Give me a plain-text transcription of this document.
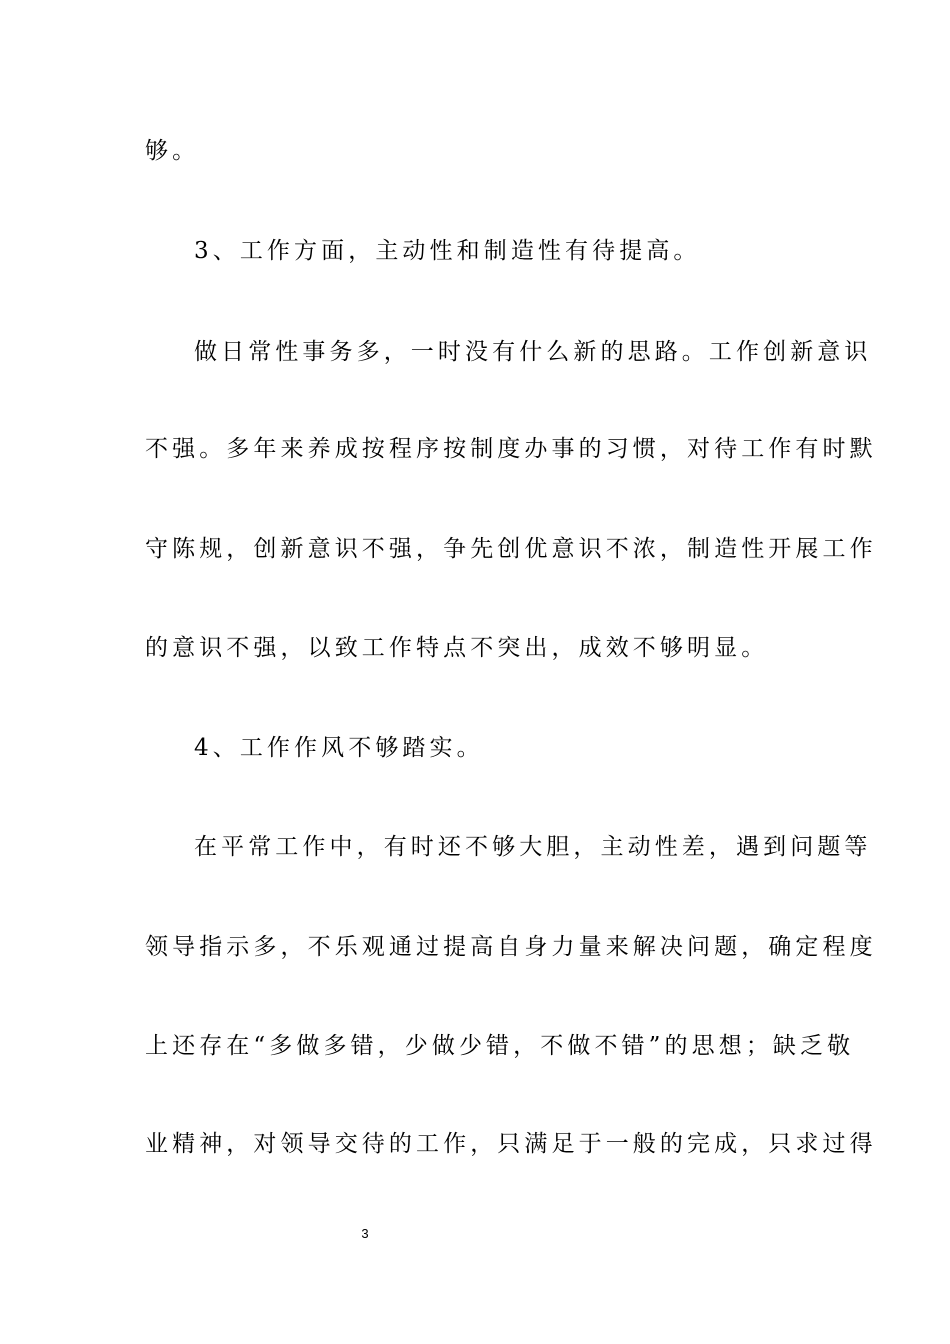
够。
3、工作方面，主动性和制造性有待提高。
做日常性事务多，一时没有什么新的思路。工作创新意识
不强。多年来养成按程序按制度办事的习惯，对待工作有时默
守陈规，创新意识不强，争先创优意识不浓，制造性开展工作
的意识不强，以致工作特点不突出，成效不够明显。
4、工作作风不够踏实。
在平常工作中，有时还不够大胆，主动性差，遇到问题等
领导指示多，不乐观通过提高自身力量来解决问题，确定程度
上还存在“多做多错，少做少错，不做不错”的思想；缺乏敬
业精神，对领导交待的工作，只满足于一般的完成，只求过得
3
